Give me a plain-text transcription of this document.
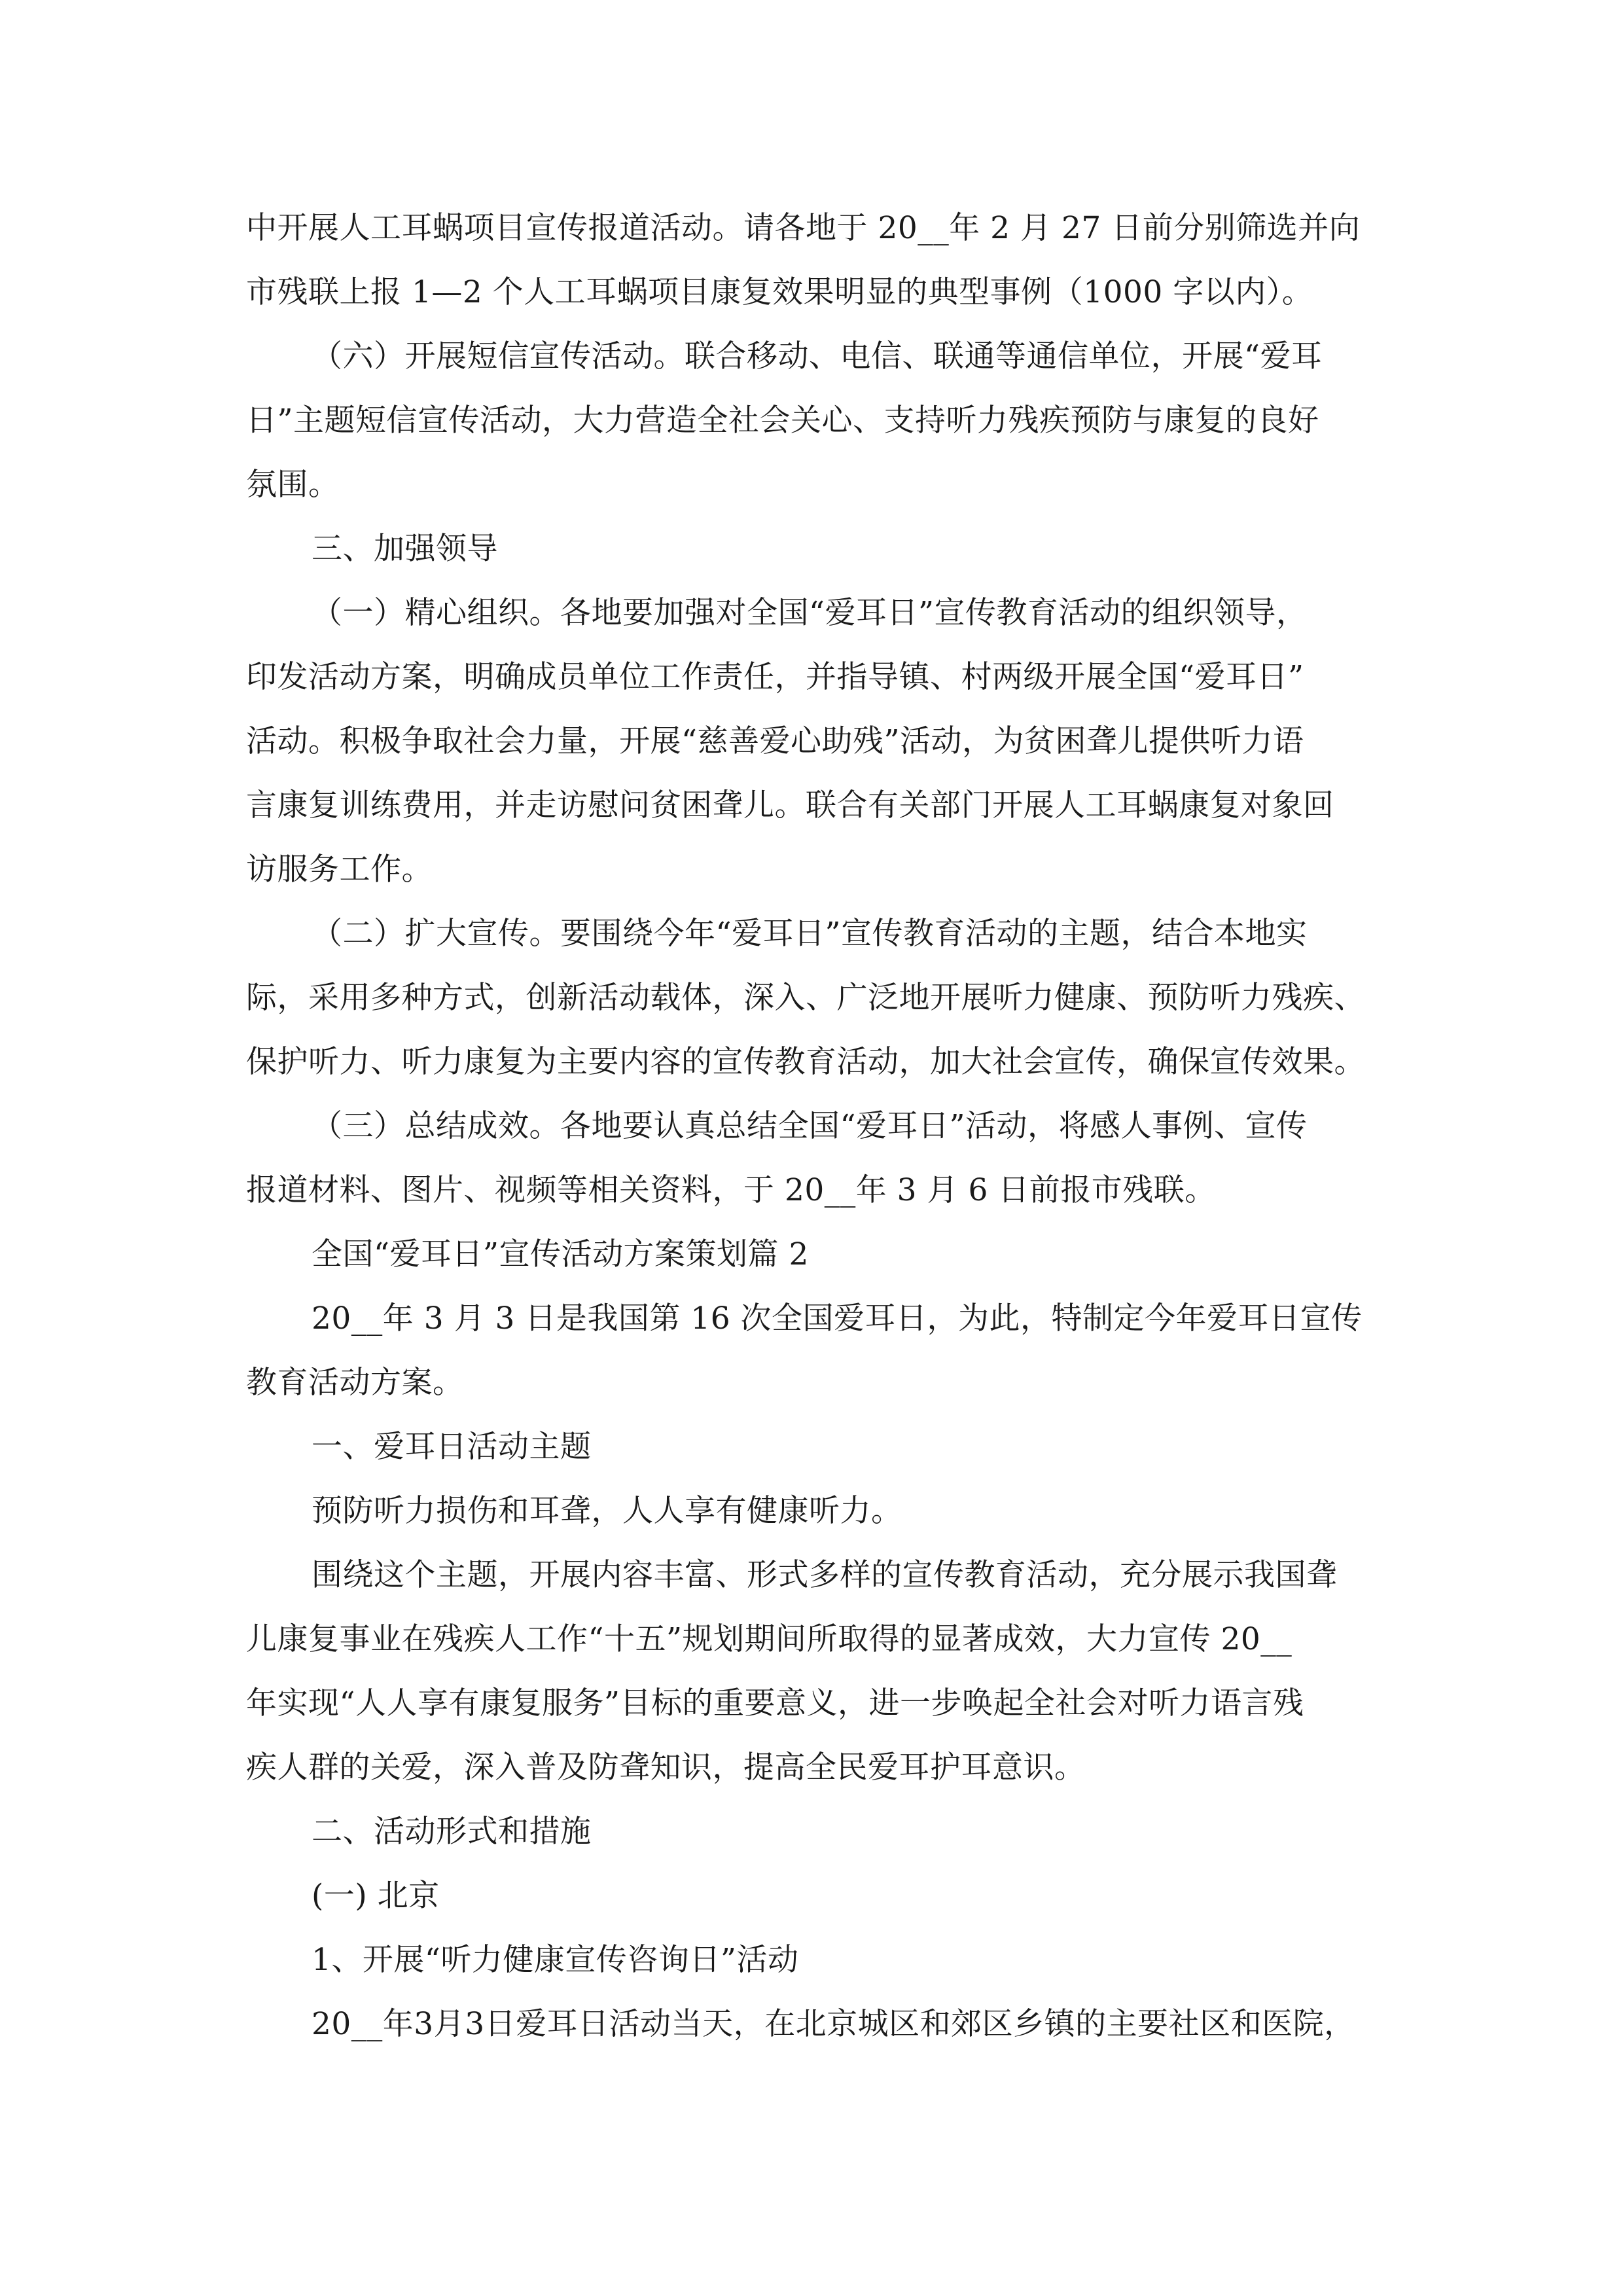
中开展人工耳蜗项目宣传报道活动。请各地于 20__年 2 月 27 日前分别筛选并向

市残联上报 1—2 个人工耳蜗项目康复效果明显的典型事例（1000 字以内）。

（六）开展短信宣传活动。联合移动、电信、联通等通信单位，开展“爱耳

日”主题短信宣传活动，大力营造全社会关心、支持听力残疾预防与康复的良好

氛围。

三、加强领导

（一）精心组织。各地要加强对全国“爱耳日”宣传教育活动的组织领导，

印发活动方案，明确成员单位工作责任，并指导镇、村两级开展全国“爱耳日”

活动。积极争取社会力量，开展“慈善爱心助残”活动，为贫困聋儿提供听力语

言康复训练费用，并走访慰问贫困聋儿。联合有关部门开展人工耳蜗康复对象回

访服务工作。

（二）扩大宣传。要围绕今年“爱耳日”宣传教育活动的主题，结合本地实

际，采用多种方式，创新活动载体，深入、广泛地开展听力健康、预防听力残疾、

保护听力、听力康复为主要内容的宣传教育活动，加大社会宣传，确保宣传效果。

（三）总结成效。各地要认真总结全国“爱耳日”活动，将感人事例、宣传

报道材料、图片、视频等相关资料，于 20__年 3 月 6 日前报市残联。

全国“爱耳日”宣传活动方案策划篇 2

20__年 3 月 3 日是我国第 16 次全国爱耳日，为此，特制定今年爱耳日宣传

教育活动方案。

一、爱耳日活动主题

预防听力损伤和耳聋，人人享有健康听力。

围绕这个主题，开展内容丰富、形式多样的宣传教育活动，充分展示我国聋

儿康复事业在残疾人工作“十五”规划期间所取得的显著成效，大力宣传 20__

年实现“人人享有康复服务”目标的重要意义，进一步唤起全社会对听力语言残

疾人群的关爱，深入普及防聋知识，提高全民爱耳护耳意识。

二、活动形式和措施

(一) 北京

1、开展“听力健康宣传咨询日”活动

20__年3月3日爱耳日活动当天，在北京城区和郊区乡镇的主要社区和医院，
